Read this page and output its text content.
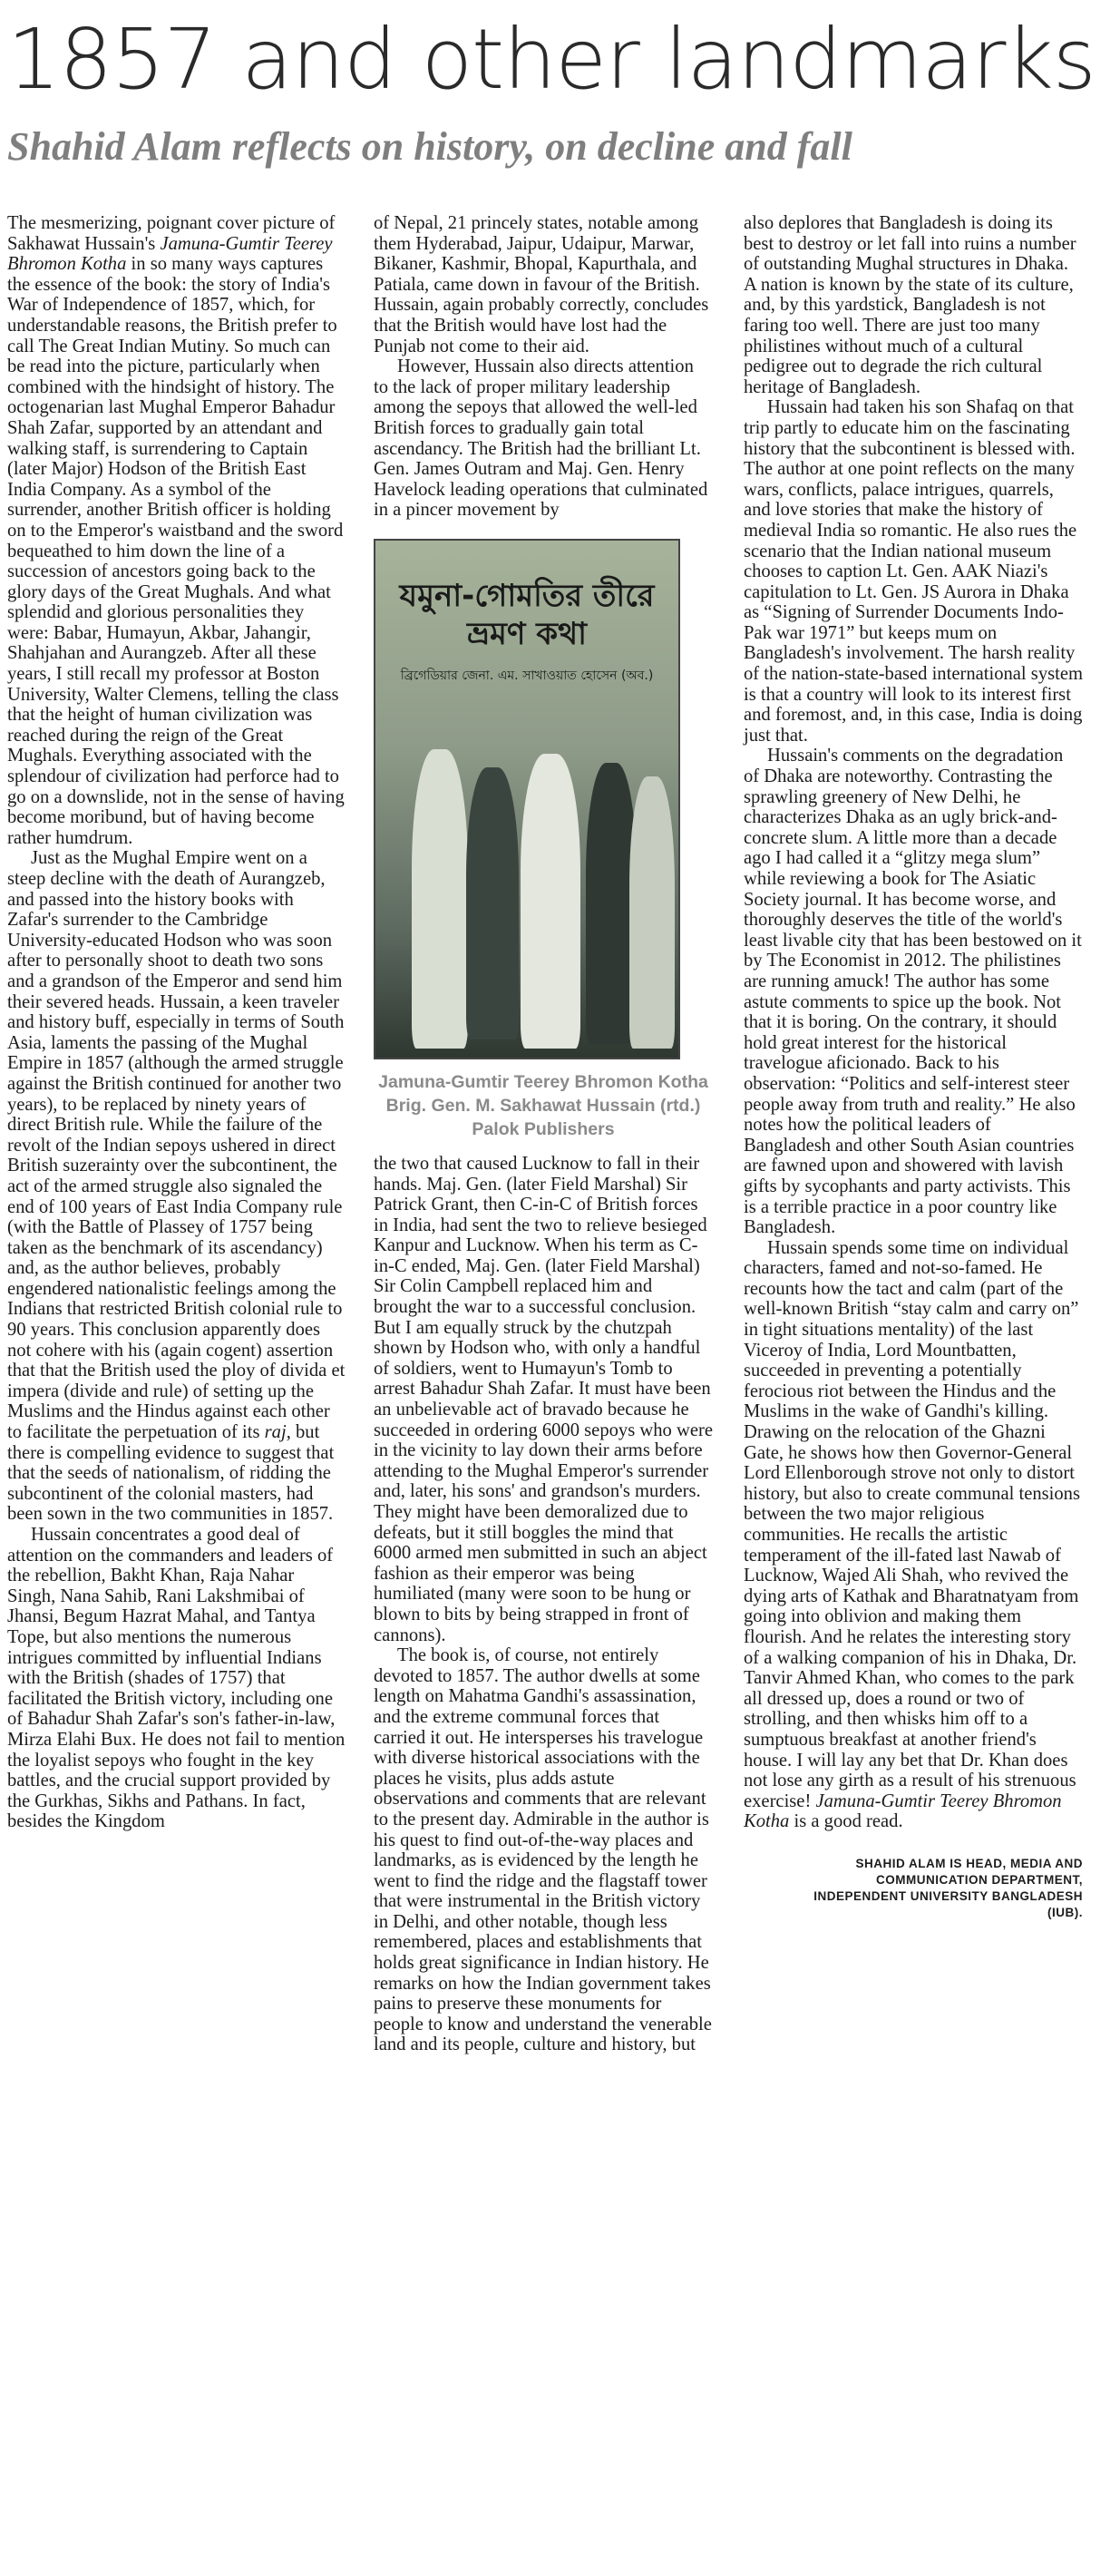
1857 and other landmarks
Shahid Alam reflects on history, on decline and fall

The mesmerizing, poignant cover picture of Sakhawat Hussain's Jamuna-Gumtir Teerey Bhromon Kotha in so many ways captures the essence of the book: the story of India's War of Independence of 1857, which, for understandable reasons, the British prefer to call The Great Indian Mutiny. So much can be read into the picture, particularly when combined with the hindsight of history. The octogenarian last Mughal Emperor Bahadur Shah Zafar, supported by an attendant and walking staff, is surrendering to Captain (later Major) Hodson of the British East India Company. As a symbol of the surrender, another British officer is holding on to the Emperor's waistband and the sword bequeathed to him down the line of a succession of ancestors going back to the glory days of the Great Mughals. And what splendid and glorious personalities they were: Babar, Humayun, Akbar, Jahangir, Shahjahan and Aurangzeb. After all these years, I still recall my professor at Boston University, Walter Clemens, telling the class that the height of human civilization was reached during the reign of the Great Mughals. Everything associated with the splendour of civilization had perforce had to go on a downslide, not in the sense of having become moribund, but of having become rather humdrum.

Just as the Mughal Empire went on a steep decline with the death of Aurangzeb, and passed into the history books with Zafar's surrender to the Cambridge University-educated Hodson who was soon after to personally shoot to death two sons and a grandson of the Emperor and send him their severed heads. Hussain, a keen traveler and history buff, especially in terms of South Asia, laments the passing of the Mughal Empire in 1857 (although the armed struggle against the British continued for another two years), to be replaced by ninety years of direct British rule. While the failure of the revolt of the Indian sepoys ushered in direct British suzerainty over the subcontinent, the act of the armed struggle also signaled the end of 100 years of East India Company rule (with the Battle of Plassey of 1757 being taken as the benchmark of its ascendancy) and, as the author believes, probably engendered nationalistic feelings among the Indians that restricted British colonial rule to 90 years. This conclusion apparently does not cohere with his (again cogent) assertion that that the British used the ploy of divida et impera (divide and rule) of setting up the Muslims and the Hindus against each other to facilitate the perpetuation of its raj, but there is compelling evidence to suggest that that the seeds of nationalism, of ridding the subcontinent of the colonial masters, had been sown in the two communities in 1857.

Hussain concentrates a good deal of attention on the commanders and leaders of the rebellion, Bakht Khan, Raja Nahar Singh, Nana Sahib, Rani Lakshmibai of Jhansi, Begum Hazrat Mahal, and Tantya Tope, but also mentions the numerous intrigues committed by influential Indians with the British (shades of 1757) that facilitated the British victory, including one of Bahadur Shah Zafar's son's father-in-law, Mirza Elahi Bux. He does not fail to mention the loyalist sepoys who fought in the key battles, and the crucial support provided by the Gurkhas, Sikhs and Pathans. In fact, besides the Kingdom

of Nepal, 21 princely states, notable among them Hyderabad, Jaipur, Udaipur, Marwar, Bikaner, Kashmir, Bhopal, Kapurthala, and Patiala, came down in favour of the British. Hussain, again probably correctly, concludes that the British would have lost had the Punjab not come to their aid.

However, Hussain also directs attention to the lack of proper military leadership among the sepoys that allowed the well-led British forces to gradually gain total ascendancy. The British had the brilliant Lt. Gen. James Outram and Maj. Gen. Henry Havelock leading operations that culminated in a pincer movement by

যমুনা-গোমতির তীরে
ভ্রমণ কথা
ব্রিগেডিয়ার জেনা. এম. সাখাওয়াত হোসেন (অব.)
Jamuna-Gumtir Teerey Bhromon Kotha
Brig. Gen. M. Sakhawat Hussain (rtd.)
Palok Publishers

the two that caused Lucknow to fall in their hands. Maj. Gen. (later Field Marshal) Sir Patrick Grant, then C-in-C of British forces in India, had sent the two to relieve besieged Kanpur and Lucknow. When his term as C-in-C ended, Maj. Gen. (later Field Marshal) Sir Colin Campbell replaced him and brought the war to a successful conclusion. But I am equally struck by the chutzpah shown by Hodson who, with only a handful of soldiers, went to Humayun's Tomb to arrest Bahadur Shah Zafar. It must have been an unbelievable act of bravado because he succeeded in ordering 6000 sepoys who were in the vicinity to lay down their arms before attending to the Mughal Emperor's surrender and, later, his sons' and grandson's murders. They might have been demoralized due to defeats, but it still boggles the mind that 6000 armed men submitted in such an abject fashion as their emperor was being humiliated (many were soon to be hung or blown to bits by being strapped in front of cannons).

The book is, of course, not entirely devoted to 1857. The author dwells at some length on Mahatma Gandhi's assassination, and the extreme communal forces that carried it out. He intersperses his travelogue with diverse historical associations with the places he visits, plus adds astute observations and comments that are relevant to the present day. Admirable in the author is his quest to find out-of-the-way places and landmarks, as is evidenced by the length he went to find the ridge and the flagstaff tower that were instrumental in the British victory in Delhi, and other notable, though less remembered, places and establishments that holds great significance in Indian history. He remarks on how the Indian government takes pains to preserve these monuments for people to know and understand the venerable land and its people, culture and history, but

also deplores that Bangladesh is doing its best to destroy or let fall into ruins a number of outstanding Mughal structures in Dhaka. A nation is known by the state of its culture, and, by this yardstick, Bangladesh is not faring too well. There are just too many philistines without much of a cultural pedigree out to degrade the rich cultural heritage of Bangladesh.

Hussain had taken his son Shafaq on that trip partly to educate him on the fascinating history that the subcontinent is blessed with. The author at one point reflects on the many wars, conflicts, palace intrigues, quarrels, and love stories that make the history of medieval India so romantic. He also rues the scenario that the Indian national museum chooses to caption Lt. Gen. AAK Niazi's capitulation to Lt. Gen. JS Aurora in Dhaka as “Signing of Surrender Documents Indo-Pak war 1971” but keeps mum on Bangladesh's involvement. The harsh reality of the nation-state-based international system is that a country will look to its interest first and foremost, and, in this case, India is doing just that.

Hussain's comments on the degradation of Dhaka are noteworthy. Contrasting the sprawling greenery of New Delhi, he characterizes Dhaka as an ugly brick-and-concrete slum. A little more than a decade ago I had called it a “glitzy mega slum” while reviewing a book for The Asiatic Society journal. It has become worse, and thoroughly deserves the title of the world's least livable city that has been bestowed on it by The Economist in 2012. The philistines are running amuck! The author has some astute comments to spice up the book. Not that it is boring. On the contrary, it should hold great interest for the historical travelogue aficionado. Back to his observation: “Politics and self-interest steer people away from truth and reality.” He also notes how the political leaders of Bangladesh and other South Asian countries are fawned upon and showered with lavish gifts by sycophants and party activists. This is a terrible practice in a poor country like Bangladesh.

Hussain spends some time on individual characters, famed and not-so-famed. He recounts how the tact and calm (part of the well-known British “stay calm and carry on” in tight situations mentality) of the last Viceroy of India, Lord Mountbatten, succeeded in preventing a potentially ferocious riot between the Hindus and the Muslims in the wake of Gandhi's killing. Drawing on the relocation of the Ghazni Gate, he shows how then Governor-General Lord Ellenborough strove not only to distort history, but also to create communal tensions between the two major religious communities. He recalls the artistic temperament of the ill-fated last Nawab of Lucknow, Wajed Ali Shah, who revived the dying arts of Kathak and Bharatnatyam from going into oblivion and making them flourish. And he relates the interesting story of a walking companion of his in Dhaka, Dr. Tanvir Ahmed Khan, who comes to the park all dressed up, does a round or two of strolling, and then whisks him off to a sumptuous breakfast at another friend's house. I will lay any bet that Dr. Khan does not lose any girth as a result of his strenuous exercise! Jamuna-Gumtir Teerey Bhromon Kotha is a good read.

SHAHID ALAM IS HEAD, MEDIA AND
COMMUNICATION DEPARTMENT,
INDEPENDENT UNIVERSITY BANGLADESH
(IUB).
